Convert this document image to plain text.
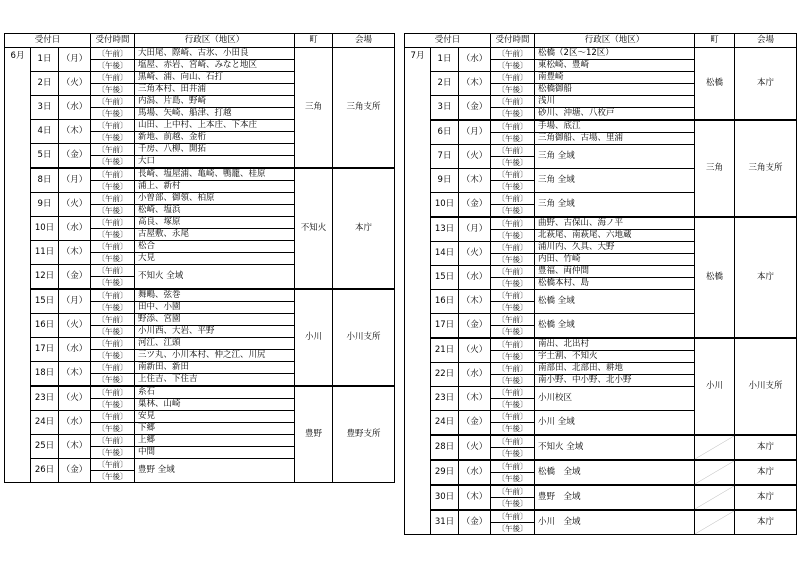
受付日			受付時間	行政区（地区）	町	会場
6月	1日	（月）	〔午前〕	大田尾、際崎、古氷、小田良	三角	三角支所
			〔午後〕	塩屋、赤岩、宮崎、みなと地区		
	2日	（火）	〔午前〕	黒崎、浦、向山、石打		
			〔午後〕	三角本村、田井浦		
	3日	（水）	〔午前〕	内潟、片島、野崎		
			〔午後〕	馬場、矢崎、船津、打越		
	4日	（木）	〔午前〕	山田、上中村、上本庄、下本庄		
			〔午後〕	新地、前越、金桁		
	5日	（金）	〔午前〕	千房、八柳、開拓		
			〔午後〕	大口		
	8日	（月）	〔午前〕	長崎、塩屋浦、亀崎、鴨籠、桂原	不知火	本庁
			〔午後〕	浦上、新村		
	9日	（火）	〔午前〕	小曽部、御領、柏原		
			〔午後〕	松崎、塩浜		
	10日	（水）	〔午前〕	高良、塚原		
			〔午後〕	古屋敷、永尾		
	11日	（木）	〔午前〕	松合		
			〔午後〕	大見		
	12日	（金）	〔午前〕	不知火 全域		
			〔午後〕			
	15日	（月）	〔午前〕	舞鴫、弦巻	小川	小川支所
			〔午後〕	田中、小園		
	16日	（火）	〔午前〕	野添、宮園		
			〔午後〕	小川西、大岩、平野		
	17日	（水）	〔午前〕	河江、江頭		
			〔午後〕	三ツ丸、小川本村、仲之江、川尻		
	18日	（木）	〔午前〕	南新田、新田		
			〔午後〕	上住吉、下住吉		
	23日	（火）	〔午前〕	糸石	豊野	豊野支所
			〔午後〕	巣林、山崎		
	24日	（水）	〔午前〕	安見		
			〔午後〕	下郷		
	25日	（木）	〔午前〕	上郷		
			〔午後〕	中間		
	26日	（金）	〔午前〕	豊野 全域		
			〔午後〕			
受付日			受付時間	行政区（地区）	町	会場
7月	1日	（水）	〔午前〕	松橋（2区～12区）	松橋	本庁
			〔午後〕	東松崎、豊崎		
	2日	（木）	〔午前〕	南豊崎		
			〔午後〕	松橋御船		
	3日	（金）	〔午前〕	浅川		
			〔午後〕	砂川、沖塘、八枚戸		
	6日	（月）	〔午前〕	手場、底江	三角	三角支所
			〔午後〕	三角御船、古場、里浦		
	7日	（火）	〔午前〕	三角 全域		
			〔午後〕			
	9日	（木）	〔午前〕	三角 全域		
			〔午後〕			
	10日	（金）	〔午前〕	三角 全域		
			〔午後〕			
	13日	（月）	〔午前〕	曲野、古保山、海ノ平	松橋	本庁
			〔午後〕	北萩尾、南萩尾、六地蔵		
	14日	（火）	〔午前〕	浦川内、久具、大野		
			〔午後〕	内田、竹崎		
	15日	（水）	〔午前〕	豊福、両仲間		
			〔午後〕	松橋本村、島		
	16日	（木）	〔午前〕	松橋 全域		
			〔午後〕			
	17日	（金）	〔午前〕	松橋 全域		
			〔午後〕			
	21日	（火）	〔午前〕	南出、北出村	小川	小川支所
			〔午後〕	宇土割、不知火		
	22日	（水）	〔午前〕	南部田、北部田、耕地		
			〔午後〕	南小野、中小野、北小野		
	23日	（木）	〔午前〕	小川校区		
			〔午後〕			
	24日	（金）	〔午前〕	小川 全域		
			〔午後〕			
	28日	（火）	〔午前〕	不知火 全域		本庁
			〔午後〕			
	29日	（水）	〔午前〕	松橋　全域		本庁
			〔午後〕			
	30日	（木）	〔午前〕	豊野　全域		本庁
			〔午後〕			
	31日	（金）	〔午前〕	小川　全域		本庁
			〔午後〕			
